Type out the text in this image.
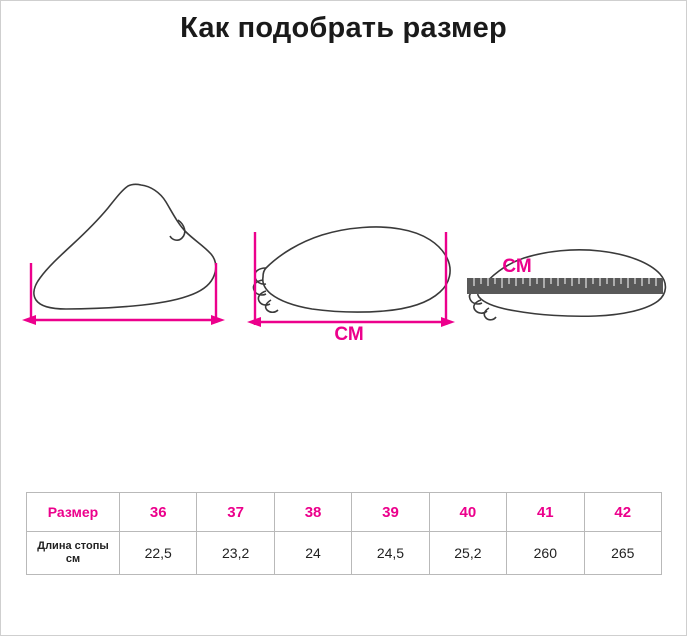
Как подобрать размер
СМ
СМ
Размер	36	37	38	39	40	41	42
Длина стопы
см	22,5	23,2	24	24,5	25,2	260	265
